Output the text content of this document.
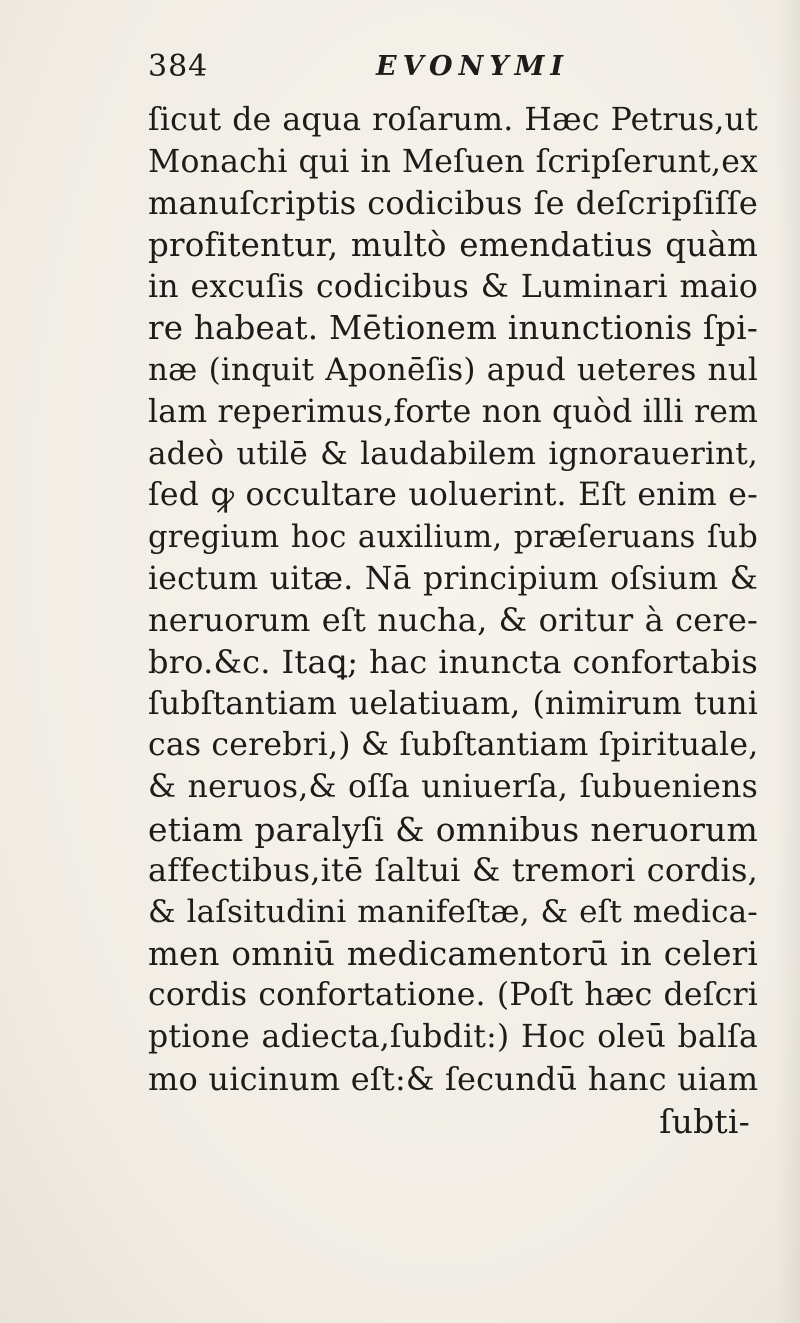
384	EVONYMI
ſicut de aqua roſarum. Hæc Petrus,ut
Monachi qui in Meſuen ſcripſerunt,ex
manuſcriptis codicibus ſe deſcripſiſſe
profitentur, multò emendatius quàm
in excuſis codicibus & Luminari maio
re habeat. Mētionem inunctionis ſpi-
næ (inquit Aponēſis) apud ueteres nul
lam reperimus,forte non quòd illi rem
adeò utilē & laudabilem ignorauerint,
ſed ꝙ occultare uoluerint. Eſt enim e-
gregium hoc auxilium, præſeruans ſub
iectum uitæ. Nā principium oſsium &
neruorum eſt nucha, & oritur à cere-
bro.&c. Itaꝗ; hac inuncta confortabis
ſubſtantiam uelatiuam, (nimirum tuni
cas cerebri,) & ſubſtantiam ſpirituale,
& neruos,& oſſa uniuerſa, ſubueniens
etiam paralyſi & omnibus neruorum
affectibus,itē ſaltui & tremori cordis,
& laſsitudini manifeſtæ, & eſt medica-
men omniū medicamentorū in celeri
cordis confortatione. (Poſt hæc deſcri
ptione adiecta,ſubdit:) Hoc oleū balſa
mo uicinum eſt:& ſecundū hanc uiam
ſubti-
